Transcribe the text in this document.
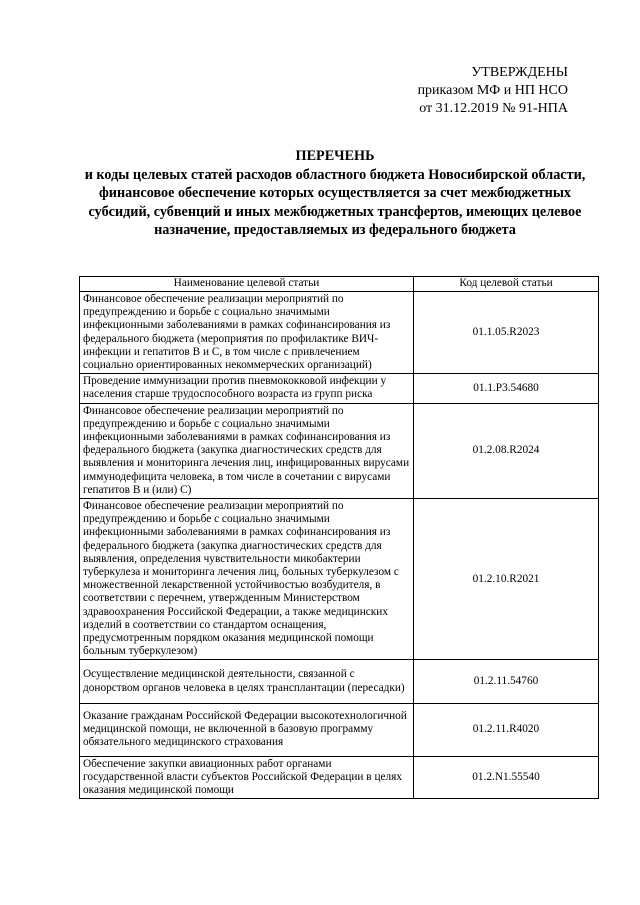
УТВЕРЖДЕНЫ
приказом МФ и НП НСО
от 31.12.2019 № 91-НПА
ПЕРЕЧЕНЬ
и коды целевых статей расходов областного бюджета Новосибирской области,
финансовое обеспечение которых осуществляется за счет межбюджетных
субсидий, субвенций и иных межбюджетных трансфертов, имеющих целевое
назначение, предоставляемых из федерального бюджета
Наименование целевой статьи	Код целевой статьи
Финансовое обеспечение реализации мероприятий по предупреждению и борьбе с социально значимыми инфекционными заболеваниями в рамках софинансирования из федерального бюджета (мероприятия по профилактике ВИЧ-инфекции и гепатитов B и C, в том числе с привлечением социально ориентированных некоммерческих организаций)	01.1.05.R2023
Проведение иммунизации против пневмококковой инфекции у населения старше трудоспособного возраста из групп риска	01.1.P3.54680
Финансовое обеспечение реализации мероприятий по предупреждению и борьбе с социально значимыми инфекционными заболеваниями в рамках софинансирования из федерального бюджета (закупка диагностических средств для выявления и мониторинга лечения лиц, инфицированных вирусами иммунодефицита человека, в том числе в сочетании с вирусами гепатитов B и (или) C)	01.2.08.R2024
Финансовое обеспечение реализации мероприятий по предупреждению и борьбе с социально значимыми инфекционными заболеваниями в рамках софинансирования из федерального бюджета (закупка диагностических средств для выявления, определения чувствительности микобактерии туберкулеза и мониторинга лечения лиц, больных туберкулезом с множественной лекарственной устойчивостью возбудителя, в соответствии с перечнем, утвержденным Министерством здравоохранения Российской Федерации, а также медицинских изделий в соответствии со стандартом оснащения, предусмотренным порядком оказания медицинской помощи больным туберкулезом)	01.2.10.R2021
Осуществление медицинской деятельности, связанной с донорством органов человека в целях трансплантации (пересадки)	01.2.11.54760
Оказание гражданам Российской Федерации высокотехнологичной медицинской помощи, не включенной в базовую программу обязательного медицинского страхования	01.2.11.R4020
Обеспечение закупки авиационных работ органами государственной власти субъектов Российской Федерации в целях оказания медицинской помощи	01.2.N1.55540
